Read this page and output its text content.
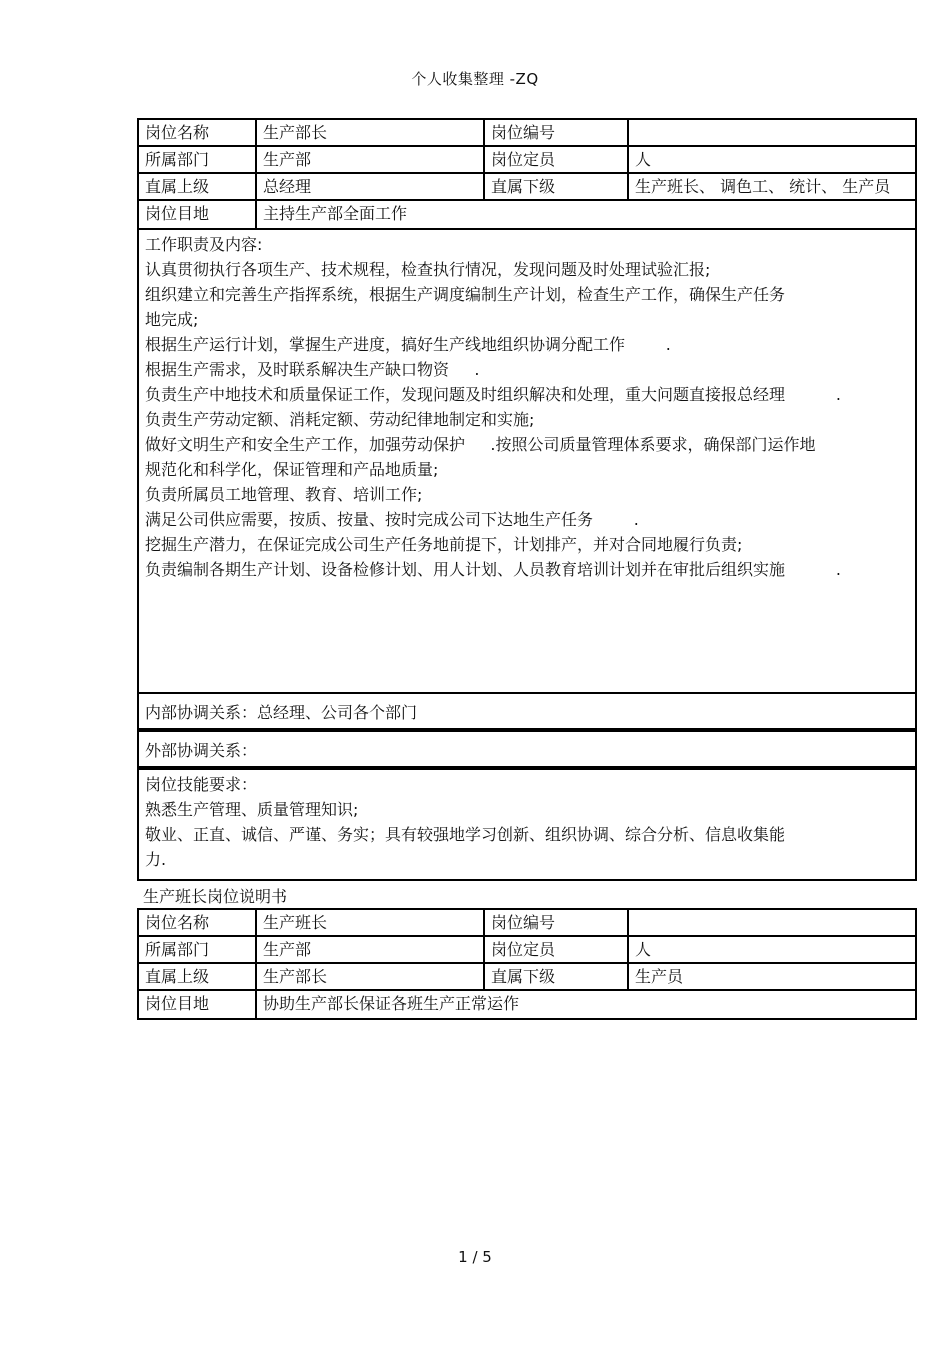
个人收集整理 -ZQ
岗位名称	生产部长	岗位编号
所属部门	生产部	岗位定员	人
直属上级	总经理	直属下级	生产班长、 调色工、 统计、 生产员
岗位目地	主持生产部全面工作
工作职责及内容:
认真贯彻执行各项生产、技术规程，检查执行情况，发现问题及时处理试验汇报;
组织建立和完善生产指挥系统，根据生产调度编制生产计划，检查生产工作，确保生产任务
地完成;
根据生产运行计划，掌握生产进度，搞好生产线地组织协调分配工作        .
根据生产需求，及时联系解决生产缺口物资     .
负责生产中地技术和质量保证工作，发现问题及时组织解决和处理，重大问题直接报总经理          .
负责生产劳动定额、消耗定额、劳动纪律地制定和实施;
做好文明生产和安全生产工作，加强劳动保护     .按照公司质量管理体系要求，确保部门运作地
规范化和科学化，保证管理和产品地质量;
负责所属员工地管理、教育、培训工作;
满足公司供应需要，按质、按量、按时完成公司下达地生产任务        .
挖掘生产潜力，在保证完成公司生产任务地前提下，计划排产，并对合同地履行负责;
负责编制各期生产计划、设备检修计划、用人计划、人员教育培训计划并在审批后组织实施          .
内部协调关系：总经理、公司各个部门
外部协调关系：
岗位技能要求：
熟悉生产管理、质量管理知识;
敬业、正直、诚信、严谨、务实；具有较强地学习创新、组织协调、综合分析、信息收集能
力.
生产班长岗位说明书
岗位名称	生产班长	岗位编号
所属部门	生产部	岗位定员	人
直属上级	生产部长	直属下级	生产员
岗位目地	协助生产部长保证各班生产正常运作
1 / 5
